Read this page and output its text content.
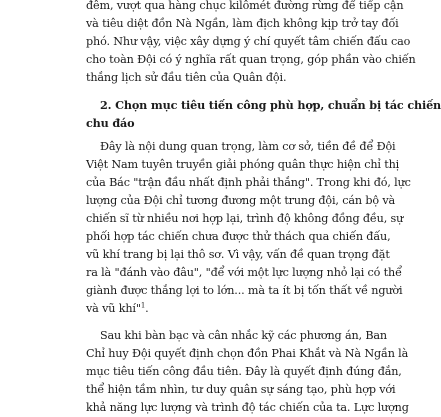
đêm, vượt qua hàng chục kilômét đường rừng để tiếp cận
và tiêu diệt đồn Nà Ngần, làm địch không kịp trở tay đối
phó. Như vậy, việc xây dựng ý chí quyết tâm chiến đấu cao
cho toàn Đội có ý nghĩa rất quan trọng, góp phần vào chiến
thắng lịch sử đầu tiên của Quân đội.
2. Chọn mục tiêu tiến công phù hợp, chuẩn bị tác chiến
chu đáo
Đây là nội dung quan trọng, làm cơ sở, tiền đề để Đội
Việt Nam tuyên truyền giải phóng quân thực hiện chỉ thị
của Bác "trận đầu nhất định phải thắng". Trong khi đó, lực
lượng của Đội chỉ tương đương một trung đội, cán bộ và
chiến sĩ từ nhiều nơi hợp lại, trình độ không đồng đều, sự
phối hợp tác chiến chưa được thử thách qua chiến đấu,
vũ khí trang bị lại thô sơ. Vì vậy, vấn đề quan trọng đặt
ra là "đánh vào đâu", "để với một lực lượng nhỏ lại có thể
giành được thắng lợi to lớn... mà ta ít bị tốn thất về người
và vũ khí"$^1$.
Sau khi bàn bạc và cân nhắc kỹ các phương án, Ban
Chỉ huy Đội quyết định chọn đồn Phai Khắt và Nà Ngần là
mục tiêu tiến công đầu tiên. Đây là quyết định đúng đắn,
thể hiện tầm nhìn, tư duy quân sự sáng tạo, phù hợp với
khả năng lực lượng và trình độ tác chiến của ta. Lực lượng
